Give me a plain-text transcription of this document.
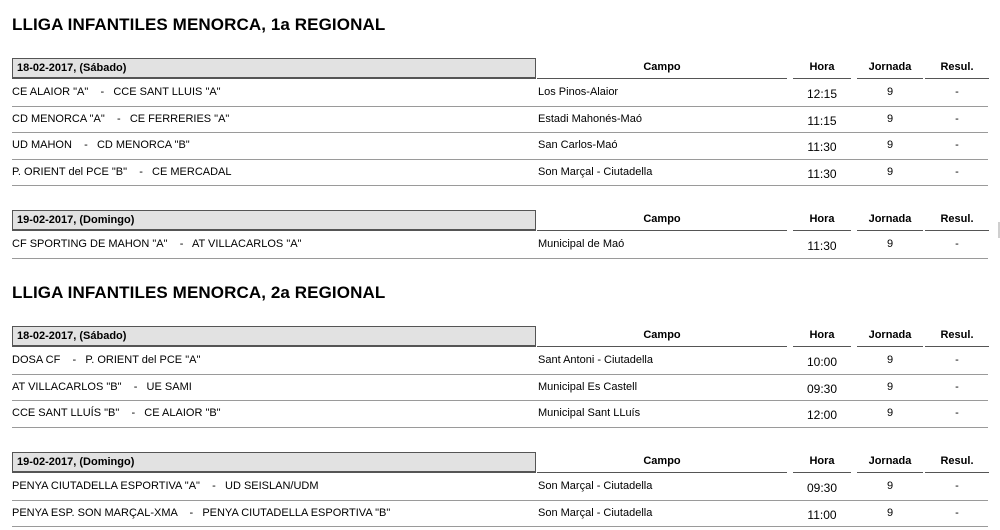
LLIGA INFANTILES MENORCA, 1a REGIONAL
18-02-2017, (Sábado)	Campo	Hora	Jornada	Resul.
CE ALAIOR "A"    -   CCE SANT LLUIS "A"	Los Pinos-Alaior	12:15	9	-
CD MENORCA "A"    -   CE FERRERIES "A"	Estadi Mahonés-Maó	11:15	9	-
UD MAHON    -   CD MENORCA "B"	San Carlos-Maó	11:30	9	-
P. ORIENT del PCE "B"    -   CE MERCADAL	Son Marçal - Ciutadella	11:30	9	-
19-02-2017, (Domingo)	Campo	Hora	Jornada	Resul.
CF SPORTING DE MAHON "A"    -   AT VILLACARLOS "A"	Municipal de Maó	11:30	9	-
LLIGA INFANTILES MENORCA, 2a REGIONAL
18-02-2017, (Sábado)	Campo	Hora	Jornada	Resul.
DOSA CF    -   P. ORIENT del PCE "A"	Sant Antoni - Ciutadella	10:00	9	-
AT VILLACARLOS "B"    -   UE SAMI	Municipal Es Castell	09:30	9	-
CCE SANT LLUÍS "B"    -   CE ALAIOR "B"	Municipal Sant LLuís	12:00	9	-
19-02-2017, (Domingo)	Campo	Hora	Jornada	Resul.
PENYA CIUTADELLA ESPORTIVA "A"    -   UD SEISLAN/UDM	Son Marçal - Ciutadella	09:30	9	-
PENYA ESP. SON MARÇAL-XMA    -   PENYA CIUTADELLA ESPORTIVA "B"	Son Marçal - Ciutadella	11:00	9	-
